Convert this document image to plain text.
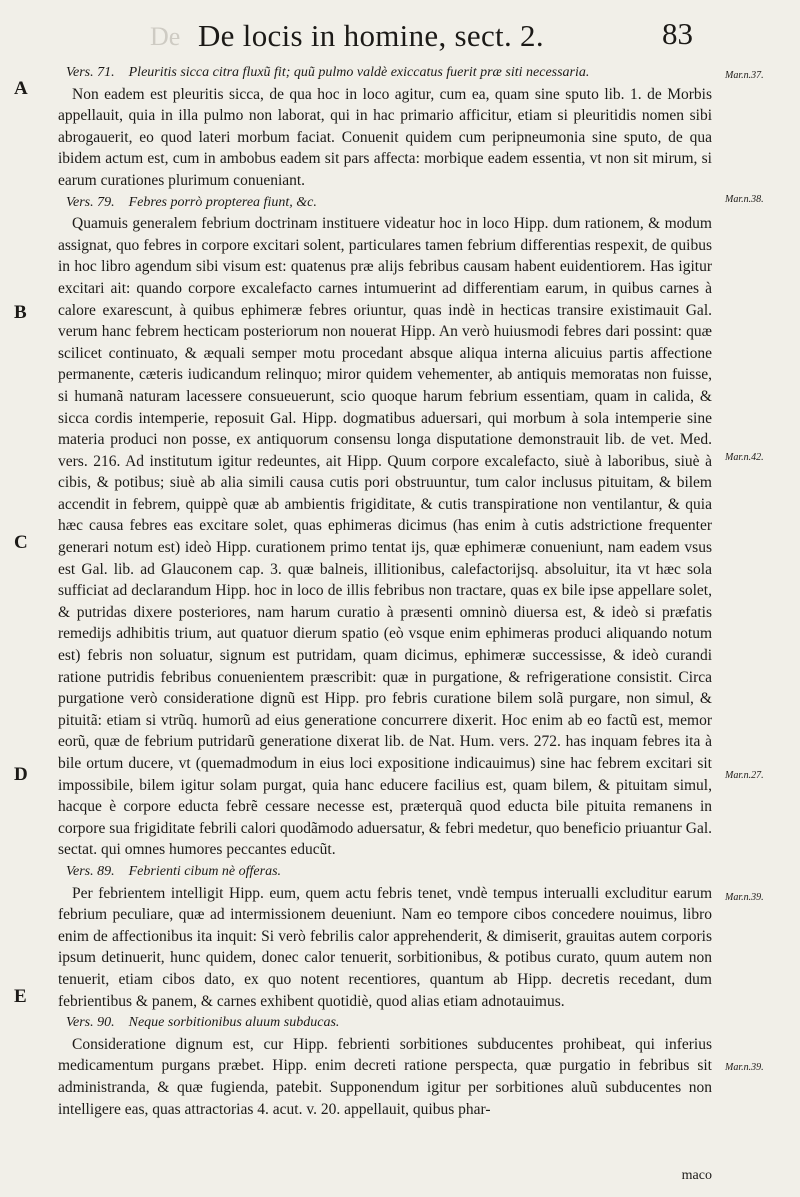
De De locis in homine, sect. 2.	83
A
B
C
D
E
Mar.n.37.
Mar.n.38.
Mar.n.42.
Mar.n.27.
Mar.n.39.
Mar.n.39.
Vers. 71. Pleuritis sicca citra fluxũ fit; quũ pulmo valdè exiccatus fuerit præ siti necessaria.

Non eadem est pleuritis sicca, de qua hoc in loco agitur, cum ea, quam sine sputo lib. 1. de Morbis appellauit, quia in illa pulmo non laborat, qui in hac primario afficitur, etiam si pleuritidis nomen sibi abrogauerit, eo quod lateri morbum faciat. Conuenit quidem cum peripneumonia sine sputo, de qua ibidem actum est, cum in ambobus eadem sit pars affecta: morbique eadem essentia, vt non sit mirum, si earum curationes plurimum conueniant.

Vers. 79. Febres porrò propterea fiunt, &c.

Quamuis generalem febrium doctrinam instituere videatur hoc in loco Hipp. dum rationem, & modum assignat, quo febres in corpore excitari solent, particulares tamen febrium differentias respexit, de quibus in hoc libro agendum sibi visum est: quatenus præ alijs febribus causam habent euidentiorem. Has igitur excitari ait: quando corpore excalefacto carnes intumuerint ad differentiam earum, in quibus carnes à calore exarescunt, à quibus ephimeræ febres oriuntur, quas indè in hecticas transire existimauit Gal. verum hanc febrem hecticam posteriorum non nouerat Hipp. An verò huiusmodi febres dari possint: quæ scilicet continuato, & æquali semper motu procedant absque aliqua interna alicuius partis affectione permanente, cæteris iudicandum relinquo; miror quidem vehementer, ab antiquis memoratas non fuisse, si humanã naturam lacessere consueuerunt, scio quoque harum febrium essentiam, quam in calida, & sicca cordis intemperie, reposuit Gal. Hipp. dogmatibus aduersari, qui morbum à sola intemperie sine materia produci non posse, ex antiquorum consensu longa disputatione demonstrauit lib. de vet. Med. vers. 216. Ad institutum igitur redeuntes, ait Hipp. Quum corpore excalefacto, siuè à laboribus, siuè à cibis, & potibus; siuè ab alia simili causa cutis pori obstruuntur, tum calor inclusus pituitam, & bilem accendit in febrem, quippè quæ ab ambientis frigiditate, & cutis transpiratione non ventilantur, & quia hæc causa febres eas excitare solet, quas ephimeras dicimus (has enim à cutis adstrictione frequenter generari notum est) ideò Hipp. curationem primo tentat ijs, quæ ephimeræ conueniunt, nam eadem vsus est Gal. lib. ad Glauconem cap. 3. quæ balneis, illitionibus, calefactorijsq. absoluitur, ita vt hæc sola sufficiat ad declarandum Hipp. hoc in loco de illis febribus non tractare, quas ex bile ipse appellare solet, & putridas dixere posteriores, nam harum curatio à præsenti omninò diuersa est, & ideò si præfatis remedijs adhibitis trium, aut quatuor dierum spatio (eò vsque enim ephimeras produci aliquando notum est) febris non soluatur, signum est putridam, quam dicimus, ephimeræ successisse, & ideò curandi ratione putridis febribus conuenientem præscribit: quæ in purgatione, & refrigeratione consistit. Circa purgatione verò consideratione dignũ est Hipp. pro febris curatione bilem solã purgare, non simul, & pituitã: etiam si vtrũq. humorũ ad eius generatione concurrere dixerit. Hoc enim ab eo factũ est, memor eorũ, quæ de febrium putridarũ generatione dixerat lib. de Nat. Hum. vers. 272. has inquam febres ita à bile ortum ducere, vt (quemadmodum in eius loci expositione indicauimus) sine hac febrem excitari sit impossibile, bilem igitur solam purgat, quia hanc educere facilius est, quam bilem, & pituitam simul, hacque è corpore educta febrẽ cessare necesse est, præterquã quod educta bile pituita remanens in corpore sua frigiditate febrili calori quodãmodo aduersatur, & febri medetur, quo beneficio priuantur Gal. sectat. qui omnes humores peccantes educũt.

Vers. 89. Febrienti cibum nè offeras.

Per febrientem intelligit Hipp. eum, quem actu febris tenet, vndè tempus interualli excluditur earum febrium peculiare, quæ ad intermissionem deueniunt. Nam eo tempore cibos concedere nouimus, libro enim de affectionibus ita inquit: Si verò febrilis calor apprehenderit, & dimiserit, grauitas autem corporis ipsum detinuerit, hunc quidem, donec calor tenuerit, sorbitionibus, & potibus curato, quum autem non tenuerit, etiam cibos dato, ex quo notent recentiores, quantum ab Hipp. decretis recedant, dum febrientibus & panem, & carnes exhibent quotidiè, quod alias etiam adnotauimus.

Vers. 90. Neque sorbitionibus aluum subducas.

Consideratione dignum est, cur Hipp. febrienti sorbitiones subducentes prohibeat, qui inferius medicamentum purgans præbet. Hipp. enim decreti ratione perspecta, quæ purgatio in febribus sit administranda, & quæ fugienda, patebit. Supponendum igitur per sorbitiones aluũ subducentes non intelligere eas, quas attractorias 4. acut. v. 20. appellauit, quibus phar-

maco
